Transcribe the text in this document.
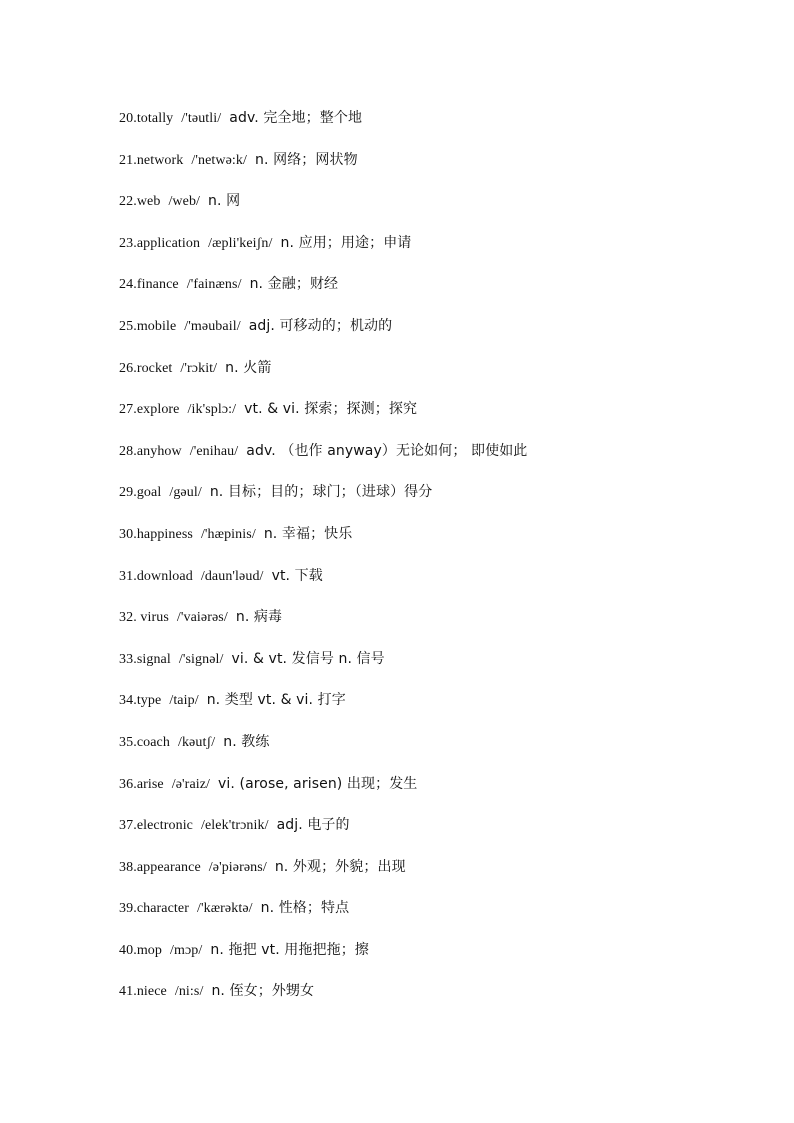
20.totally /'təutli/ adv. 完全地；整个地
21.network /'netwə:k/ n. 网络；网状物
22.web /web/ n. 网
23.application /æpli'keiʃn/ n. 应用；用途；申请
24.finance /'fainæns/ n. 金融；财经
25.mobile /'məubail/ adj. 可移动的；机动的
26.rocket /'rɔkit/ n. 火箭
27.explore /ik'splɔ:/ vt. & vi. 探索；探测；探究
28.anyhow /'enihau/ adv. （也作 anyway）无论如何； 即使如此
29.goal /gəul/ n. 目标；目的；球门；（进球）得分
30.happiness /'hæpinis/ n. 幸福；快乐
31.download /daun'ləud/ vt. 下载
32. virus /'vaiərəs/ n. 病毒
33.signal /'signəl/ vi. & vt. 发信号 n. 信号
34.type /taip/ n. 类型 vt. & vi. 打字
35.coach /kəutʃ/ n. 教练
36.arise /ə'raiz/ vi. (arose, arisen) 出现；发生
37.electronic /elek'trɔnik/ adj. 电子的
38.appearance /ə'piərəns/ n. 外观；外貌；出现
39.character /'kærəktə/ n. 性格；特点
40.mop /mɔp/ n. 拖把 vt. 用拖把拖；擦
41.niece /ni:s/ n. 侄女；外甥女
